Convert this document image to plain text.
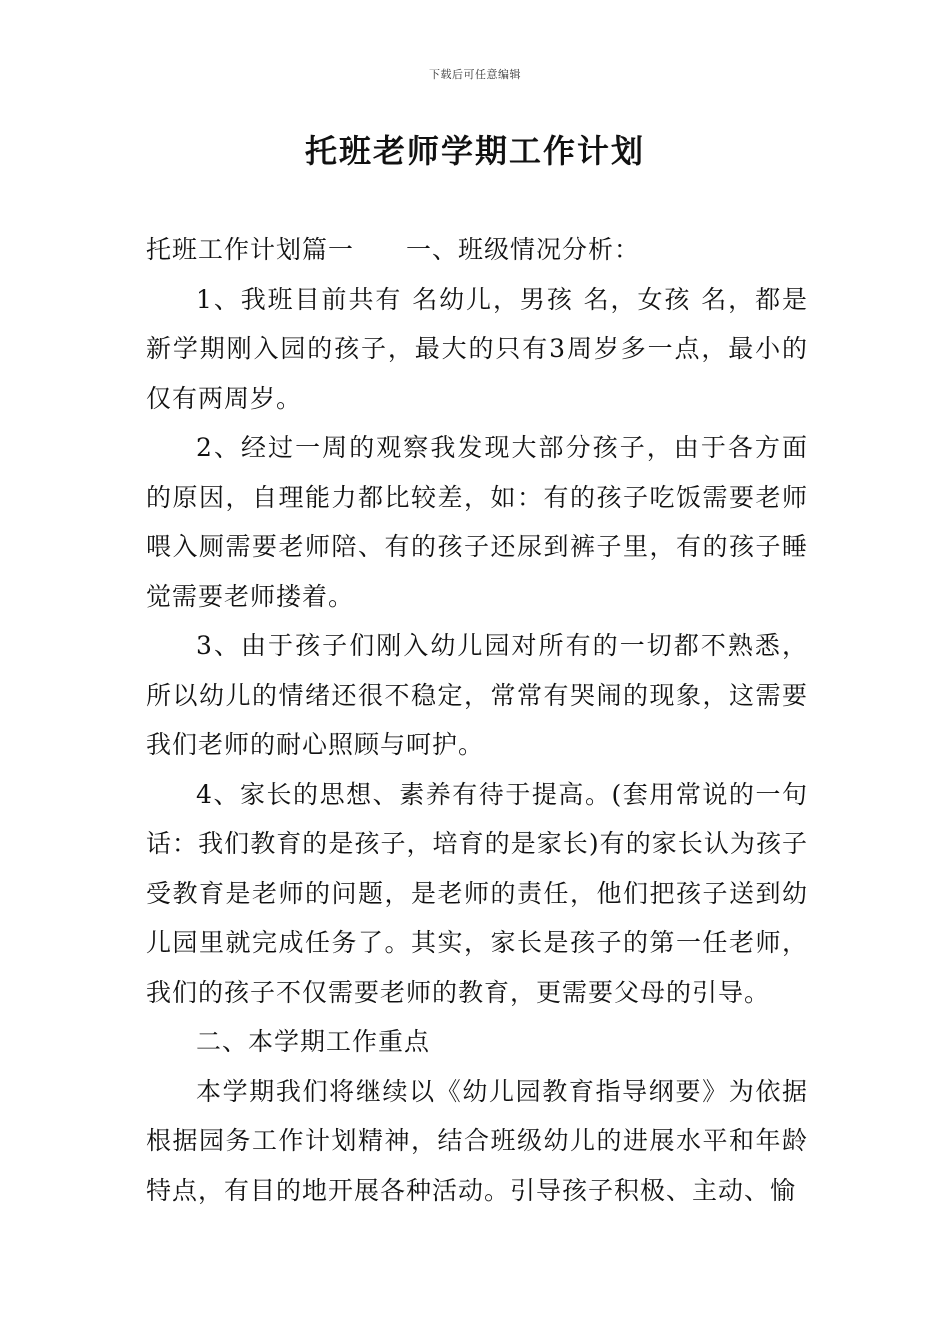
下载后可任意编辑
托班老师学期工作计划

托班工作计划篇一 一、班级情况分析：

1、我班目前共有 名幼儿，男孩 名，女孩 名，都是新学期刚入园的孩子，最大的只有3周岁多一点，最小的仅有两周岁。

2、经过一周的观察我发现大部分孩子，由于各方面的原因，自理能力都比较差，如：有的孩子吃饭需要老师喂入厕需要老师陪、有的孩子还尿到裤子里，有的孩子睡觉需要老师搂着。

3、由于孩子们刚入幼儿园对所有的一切都不熟悉，所以幼儿的情绪还很不稳定，常常有哭闹的现象，这需要我们老师的耐心照顾与呵护。

4、家长的思想、素养有待于提高。(套用常说的一句话：我们教育的是孩子，培育的是家长)有的家长认为孩子受教育是老师的问题，是老师的责任，他们把孩子送到幼儿园里就完成任务了。其实，家长是孩子的第一任老师，我们的孩子不仅需要老师的教育，更需要父母的引导。

二、本学期工作重点

本学期我们将继续以《幼儿园教育指导纲要》为依据根据园务工作计划精神，结合班级幼儿的进展水平和年龄特点，有目的地开展各种活动。引导孩子积极、主动、愉
